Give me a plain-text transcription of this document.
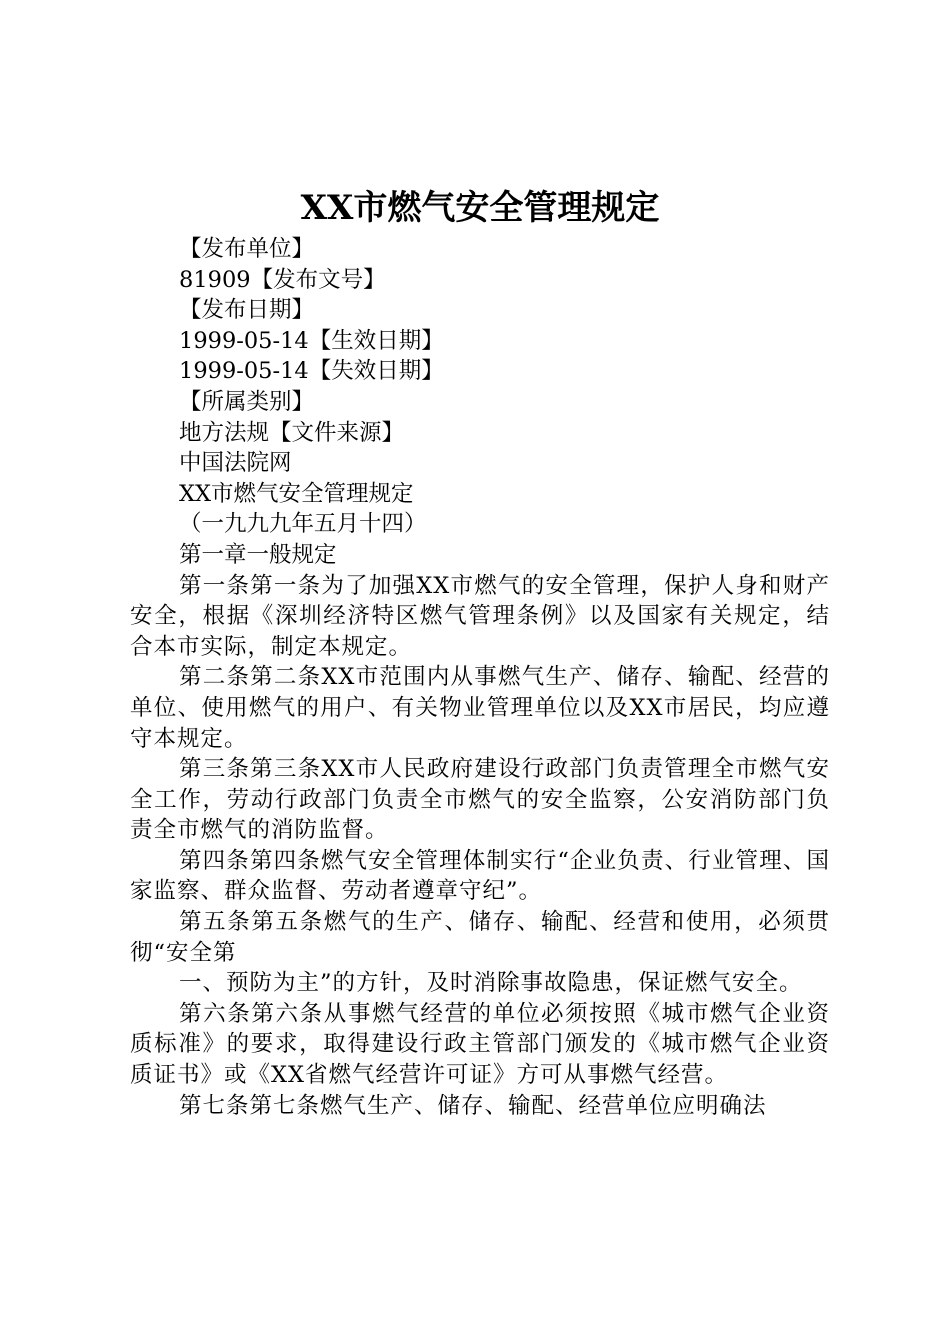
XX市燃气安全管理规定

【发布单位】

81909【发布文号】

【发布日期】

1999-05-14【生效日期】

1999-05-14【失效日期】

【所属类别】

地方法规【文件来源】

中国法院网

XX市燃气安全管理规定

（一九九九年五月十四）

第一章一般规定

第一条第一条为了加强XX市燃气的安全管理，保护人身和财产安全，根据《深圳经济特区燃气管理条例》以及国家有关规定，结合本市实际，制定本规定。

第二条第二条XX市范围内从事燃气生产、储存、输配、经营的单位、使用燃气的用户、有关物业管理单位以及XX市居民，均应遵守本规定。

第三条第三条XX市人民政府建设行政部门负责管理全市燃气安全工作，劳动行政部门负责全市燃气的安全监察，公安消防部门负责全市燃气的消防监督。

第四条第四条燃气安全管理体制实行“企业负责、行业管理、国家监察、群众监督、劳动者遵章守纪”。

第五条第五条燃气的生产、储存、输配、经营和使用，必须贯彻“安全第

一、预防为主”的方针，及时消除事故隐患，保证燃气安全。

第六条第六条从事燃气经营的单位必须按照《城市燃气企业资质标准》的要求，取得建设行政主管部门颁发的《城市燃气企业资质证书》或《XX省燃气经营许可证》方可从事燃气经营。

第七条第七条燃气生产、储存、输配、经营单位应明确法
